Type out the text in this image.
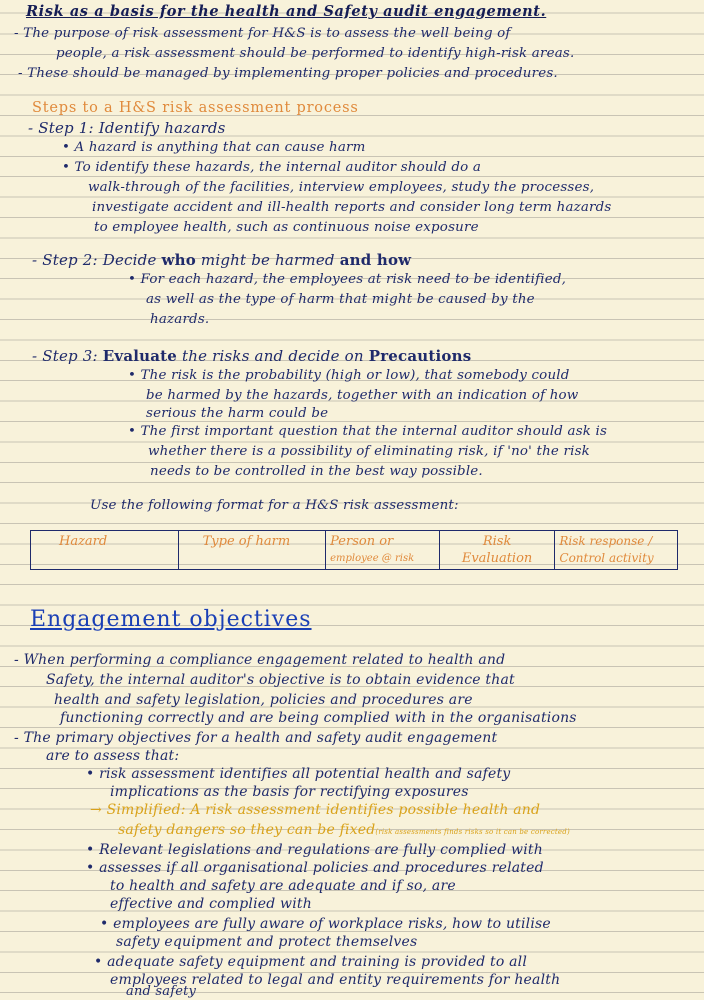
Risk as a basis for the health and Safety audit engagement.
- The purpose of risk assessment for H&S is to assess the well being of
people, a risk assessment should be performed to identify high-risk areas.
- These should be managed by implementing proper policies and procedures.
Steps to a H&S risk assessment process
- Step 1: Identify hazards
• A hazard is anything that can cause harm
• To identify these hazards, the internal auditor should do a
walk-through of the facilities, interview employees, study the processes,
investigate accident and ill-health reports and consider long term hazards
to employee health, such as continuous noise exposure
- Step 2: Decide who might be harmed and how
• For each hazard, the employees at risk need to be identified,
as well as the type of harm that might be caused by the
hazards.
- Step 3: Evaluate the risks and decide on Precautions
• The risk is the probability (high or low), that somebody could
be harmed by the hazards, together with an indication of how
serious the harm could be
• The first important question that the internal auditor should ask is
whether there is a possibility of eliminating risk, if 'no' the risk
needs to be controlled in the best way possible.
Use the following format for a H&S risk assessment:
Hazard	Type of harm	Person or
employee @ risk
Risk
Evaluation
Risk response /
Control activity
Engagement objectives
- When performing a compliance engagement related to health and
Safety, the internal auditor's objective is to obtain evidence that
health and safety legislation, policies and procedures are
functioning correctly and are being complied with in the organisations
- The primary objectives for a health and safety audit engagement
are to assess that:
• risk assessment identifies all potential health and safety
implications as the basis for rectifying exposures
→ Simplified: A risk assessment identifies possible health and
safety dangers so they can be fixed(risk assessments finds risks so it can be corrected)
• Relevant legislations and regulations are fully complied with
• assesses if all organisational policies and procedures related
to health and safety are adequate and if so, are
effective and complied with
• employees are fully aware of workplace risks, how to utilise
safety equipment and protect themselves
• adequate safety equipment and training is provided to all
employees related to legal and entity requirements for health
and safety
